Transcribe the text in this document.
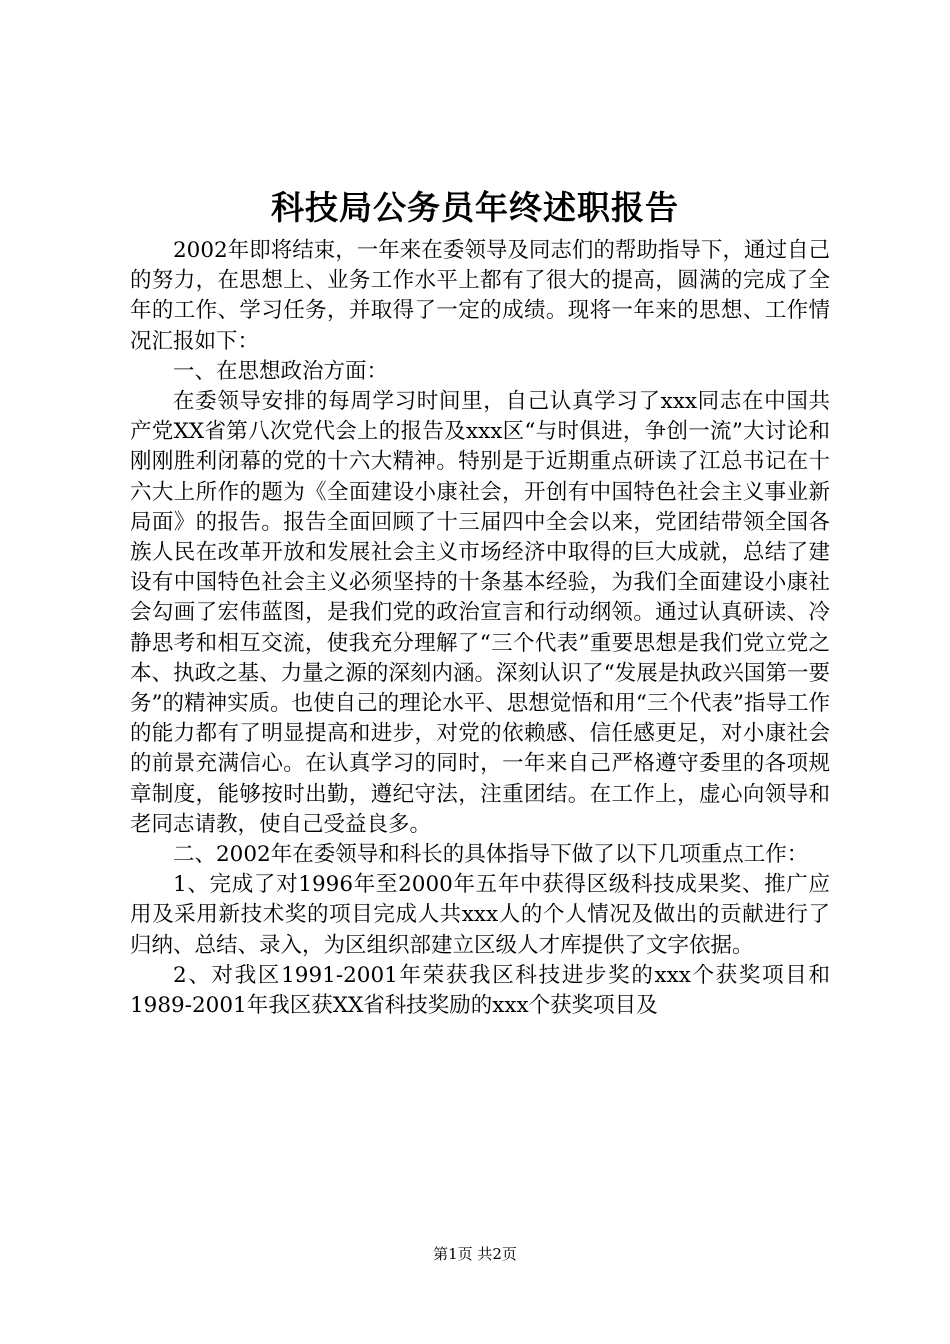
科技局公务员年终述职报告

2002年即将结束，一年来在委领导及同志们的帮助指导下，通过自己的努力，在思想上、业务工作水平上都有了很大的提高，圆满的完成了全年的工作、学习任务，并取得了一定的成绩。现将一年来的思想、工作情况汇报如下：

一、在思想政治方面：

在委领导安排的每周学习时间里，自己认真学习了xxx同志在中国共产党XX省第八次党代会上的报告及xxx区“与时俱进，争创一流”大讨论和刚刚胜利闭幕的党的十六大精神。特别是于近期重点研读了江总书记在十六大上所作的题为《全面建设小康社会，开创有中国特色社会主义事业新局面》的报告。报告全面回顾了十三届四中全会以来，党团结带领全国各族人民在改革开放和发展社会主义市场经济中取得的巨大成就，总结了建设有中国特色社会主义必须坚持的十条基本经验，为我们全面建设小康社会勾画了宏伟蓝图，是我们党的政治宣言和行动纲领。通过认真研读、冷静思考和相互交流，使我充分理解了“三个代表”重要思想是我们党立党之本、执政之基、力量之源的深刻内涵。深刻认识了“发展是执政兴国第一要务”的精神实质。也使自己的理论水平、思想觉悟和用“三个代表”指导工作的能力都有了明显提高和进步，对党的依赖感、信任感更足，对小康社会的前景充满信心。在认真学习的同时，一年来自己严格遵守委里的各项规章制度，能够按时出勤，遵纪守法，注重团结。在工作上，虚心向领导和老同志请教，使自己受益良多。

二、2002年在委领导和科长的具体指导下做了以下几项重点工作：

1、完成了对1996年至2000年五年中获得区级科技成果奖、推广应用及采用新技术奖的项目完成人共xxx人的个人情况及做出的贡献进行了归纳、总结、录入，为区组织部建立区级人才库提供了文字依据。

2、对我区1991-2001年荣获我区科技进步奖的xxx个获奖项目和1989-2001年我区获XX省科技奖励的xxx个获奖项目及

第1页 共2页
